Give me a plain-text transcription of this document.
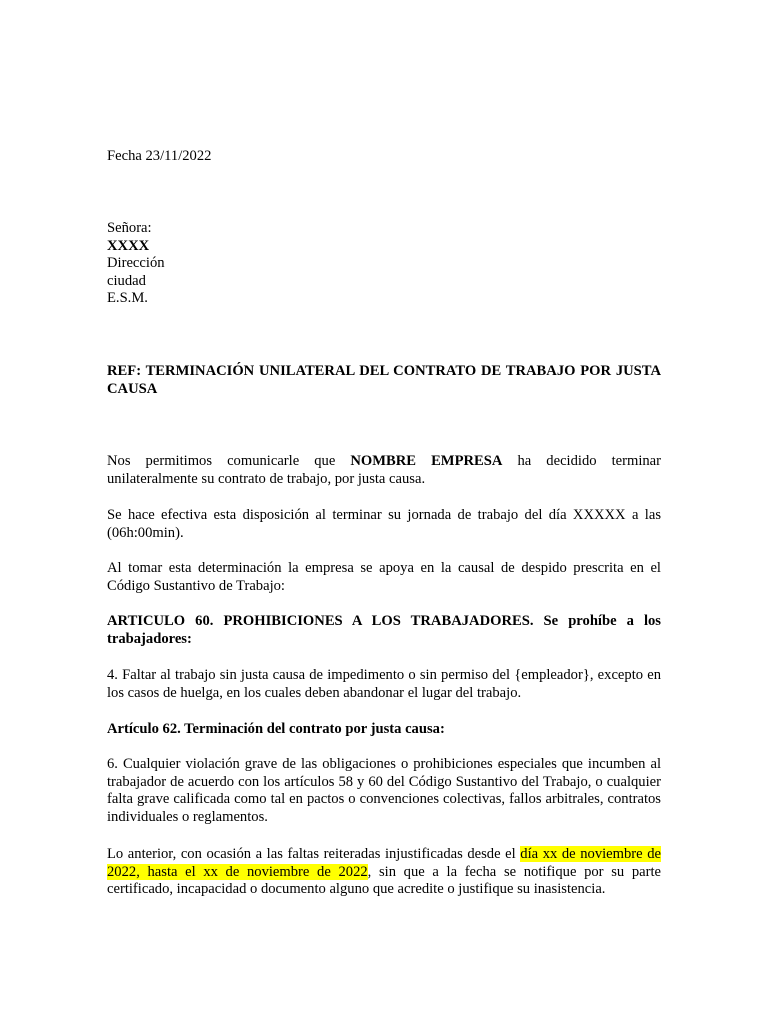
Fecha 23/11/2022

Señora:
XXXX
Dirección
ciudad
E.S.M.

REF: TERMINACIÓN UNILATERAL DEL CONTRATO DE TRABAJO POR JUSTA CAUSA

Nos permitimos comunicarle que NOMBRE EMPRESA ha decidido terminar unilateralmente su contrato de trabajo, por justa causa.

Se hace efectiva esta disposición al terminar su jornada de trabajo del día XXXXX a las (06h:00min).

Al tomar esta determinación la empresa se apoya en la causal de despido prescrita en el Código Sustantivo de Trabajo:

ARTICULO 60. PROHIBICIONES A LOS TRABAJADORES. Se prohíbe a los trabajadores:

4. Faltar al trabajo sin justa causa de impedimento o sin permiso del {empleador}, excepto en los casos de huelga, en los cuales deben abandonar el lugar del trabajo.

Artículo 62. Terminación del contrato por justa causa:

6. Cualquier violación grave de las obligaciones o prohibiciones especiales que incumben al trabajador de acuerdo con los artículos 58 y 60 del Código Sustantivo del Trabajo, o cualquier falta grave calificada como tal en pactos o convenciones colectivas, fallos arbitrales, contratos individuales o reglamentos.

Lo anterior, con ocasión a las faltas reiteradas injustificadas desde el día xx de noviembre de 2022, hasta el xx de noviembre de 2022, sin que a la fecha se notifique por su parte certificado, incapacidad o documento alguno que acredite o justifique su inasistencia.
